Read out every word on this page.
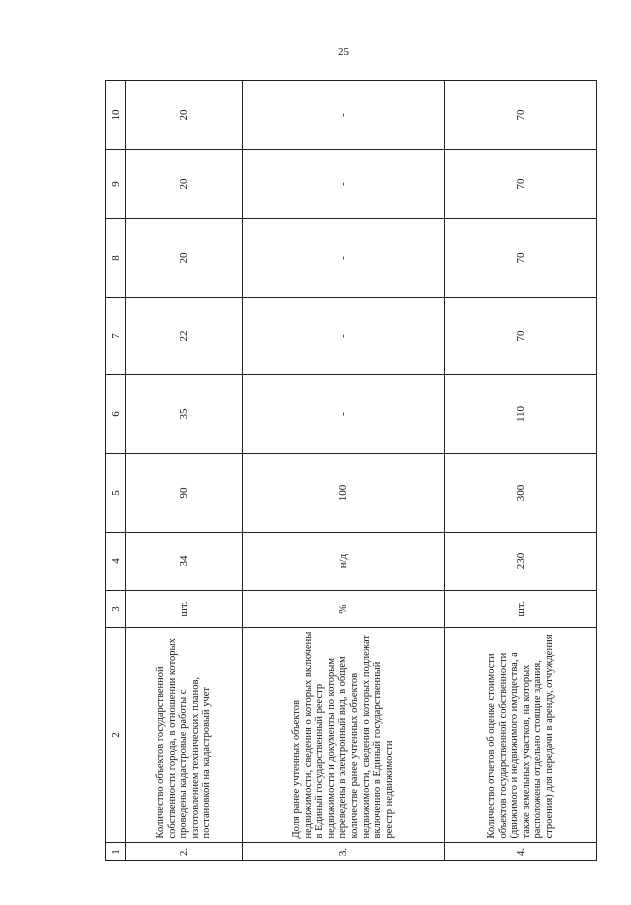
25
10
9
8
7
6
5
4
3
2
1	2.
Количество объектов государственной собственности города, в отношении которых проведены кадастровые работы с изготовлением технических планов, постановкой на кадастровый учет
шт.
34
90
35
22
20
20
20
3.
Доля ранее учтенных объектов недвижимости, сведения о которых включены в Единый государственный реестр недвижимости и документы по которым переведены в электронный вид, в общем количестве ранее учтенных объектов недвижимости, сведения о которых подлежат включению в Единый государственный реестр недвижимости
%
н/д
100
-
-
-
-
-
4.
Количество отчетов об оценке стоимости объектов государственной собственности (движимого и недвижимого имущества, а также земельных участков, на которых расположены отдельно стоящие здания, строения) для передачи в аренду, отчуждения
шт.
230
300
110
70
70
70
70
